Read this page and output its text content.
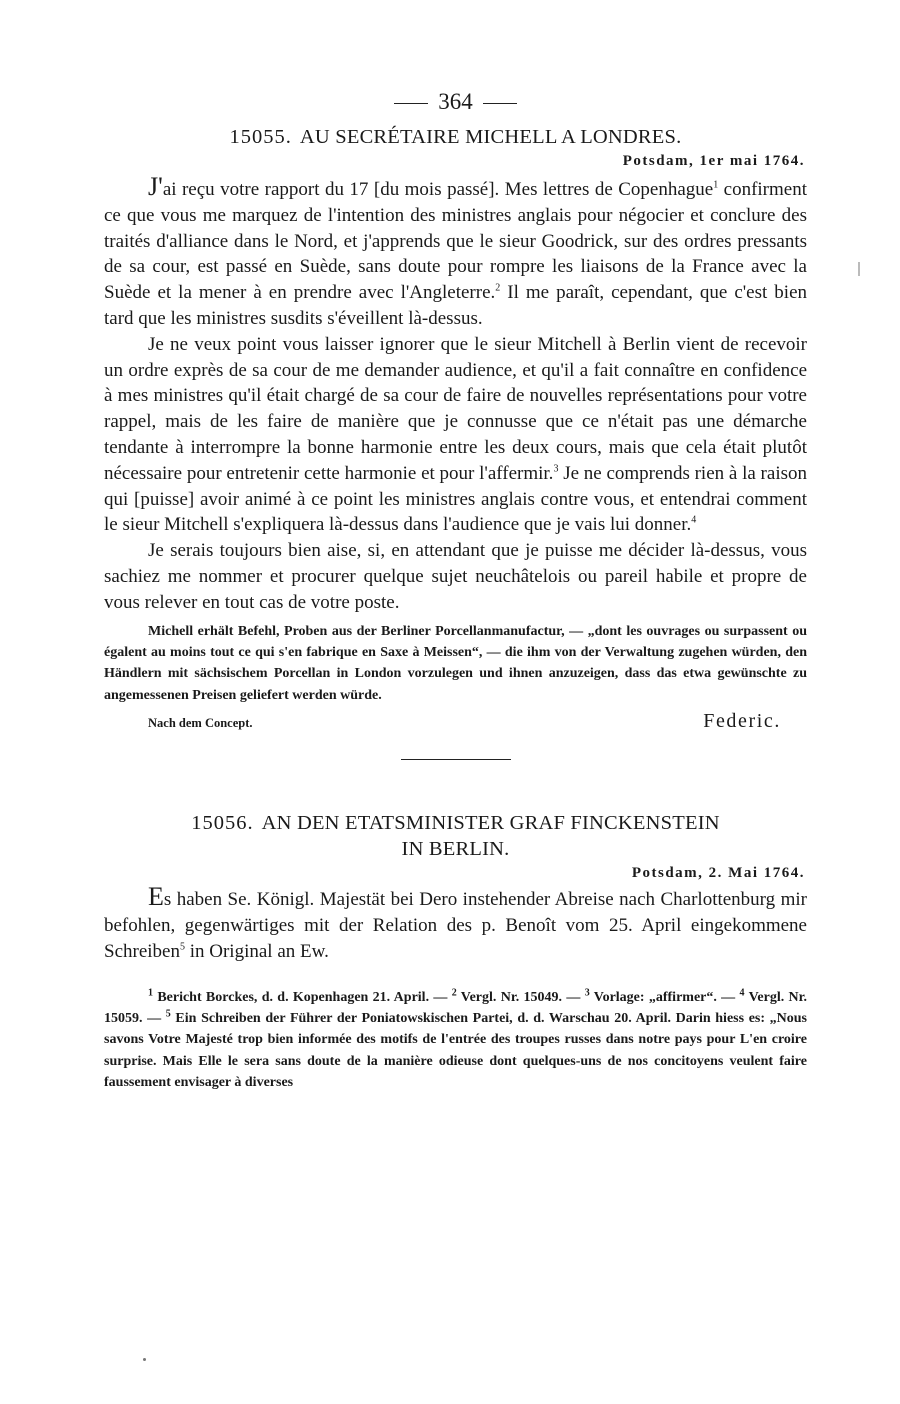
364
15055. AU SECRÉTAIRE MICHELL A LONDRES.
Potsdam, 1er mai 1764.

J'ai reçu votre rapport du 17 [du mois passé]. Mes lettres de Copenhague$^1$ confirment ce que vous me marquez de l'intention des ministres anglais pour négocier et conclure des traités d'alliance dans le Nord, et j'apprends que le sieur Goodrick, sur des ordres pressants de sa cour, est passé en Suède, sans doute pour rompre les liaisons de la France avec la Suède et la mener à en prendre avec l'Angleterre.$^2$ Il me paraît, cependant, que c'est bien tard que les ministres susdits s'éveillent là-dessus.

Je ne veux point vous laisser ignorer que le sieur Mitchell à Berlin vient de recevoir un ordre exprès de sa cour de me demander audience, et qu'il a fait connaître en confidence à mes ministres qu'il était chargé de sa cour de faire de nouvelles représentations pour votre rappel, mais de les faire de manière que je connusse que ce n'était pas une démarche tendante à interrompre la bonne harmonie entre les deux cours, mais que cela était plutôt nécessaire pour entretenir cette harmonie et pour l'affermir.$^3$ Je ne comprends rien à la raison qui [puisse] avoir animé à ce point les ministres anglais contre vous, et entendrai comment le sieur Mitchell s'expliquera là-dessus dans l'audience que je vais lui donner.$^4$

Je serais toujours bien aise, si, en attendant que je puisse me décider là-dessus, vous sachiez me nommer et procurer quelque sujet neuchâtelois ou pareil habile et propre de vous relever en tout cas de votre poste.

Michell erhält Befehl, Proben aus der Berliner Porcellanmanufactur, — „dont les ouvrages ou surpassent ou égalent au moins tout ce qui s'en fabrique en Saxe à Meissen“, — die ihm von der Verwaltung zugehen würden, den Händlern mit sächsischem Porcellan in London vorzulegen und ihnen anzuzeigen, dass das etwa gewünschte zu angemessenen Preisen geliefert werden würde.
Nach dem Concept.	Federic.
15056. AN DEN ETATSMINISTER GRAF FINCKENSTEIN
IN BERLIN.
Potsdam, 2. Mai 1764.

Es haben Se. Königl. Majestät bei Dero instehender Abreise nach Charlottenburg mir befohlen, gegenwärtiges mit der Relation des p. Benoît vom 25. April eingekommene Schreiben$^5$ in Original an Ew.

$^1$ Bericht Borckes, d. d. Kopenhagen 21. April. — $^2$ Vergl. Nr. 15049. — $^3$ Vorlage: „affirmer“. — $^4$ Vergl. Nr. 15059. — $^5$ Ein Schreiben der Führer der Poniatowskischen Partei, d. d. Warschau 20. April. Darin hiess es: „Nous savons Votre Majesté trop bien informée des motifs de l'entrée des troupes russes dans notre pays pour L'en croire surprise. Mais Elle le sera sans doute de la manière odieuse dont quelques-uns de nos concitoyens veulent faire faussement envisager à diverses
